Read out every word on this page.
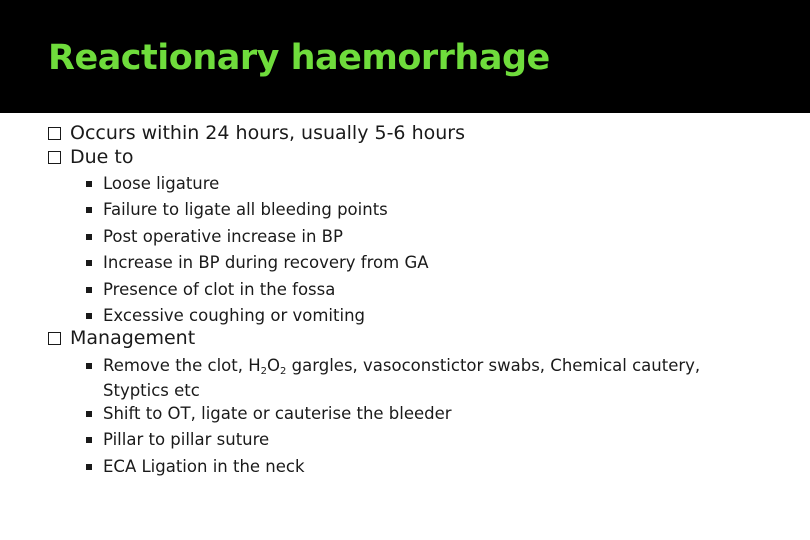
Reactionary haemorrhage
Occurs within 24 hours, usually 5-6 hours
Due to
Loose ligature
Failure to ligate all bleeding points
Post operative increase in BP
Increase in BP during recovery from GA
Presence of clot in the fossa
Excessive coughing or vomiting
Management
Remove the clot, $H_2O_2$ gargles, vasoconstictor swabs, Chemical cautery,
Styptics etc
Shift to OT, ligate or cauterise the bleeder
Pillar to pillar suture
ECA Ligation in the neck
